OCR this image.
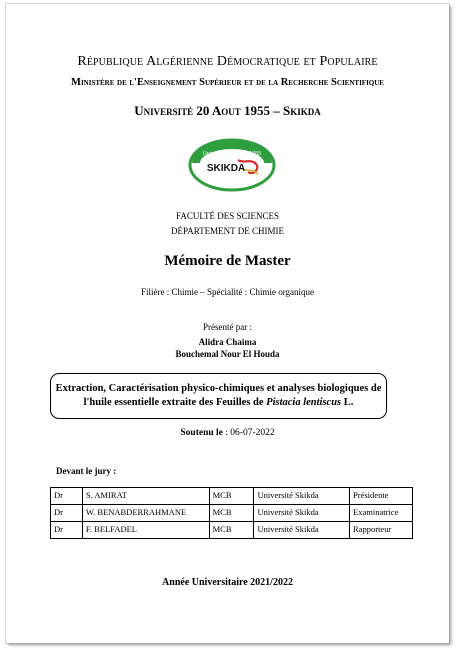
République Algérienne Démocratique et Populaire
Ministère de l'Enseignement Supérieur et de la Recherche Scientifique
Université 20 Aout 1955 – Skikda
Université 20 Août 1955
SKIKDA
FACULTÉ DES SCIENCES
DÉPARTEMENT DE CHIMIE
Mémoire de Master
Filière : Chimie – Spécialité : Chimie organique
Présenté par :
Alidra Chaima
Bouchemal Nour El Houda
Extraction, Caractérisation physico-chimiques et analyses biologiques de
l'huile essentielle extraite des Feuilles de Pistacia lentiscus L.
Soutenu le : 06-07-2022
Devant le jury :
Dr	S. AMIRAT	MCB	Université Skikda	Présidente
Dr	W. BENABDERRAHMANE	MCB	Université Skikda	Examinatrice
Dr	F. BELFADEL	MCB	Université Skikda	Rapporteur
Année Universitaire 2021/2022
